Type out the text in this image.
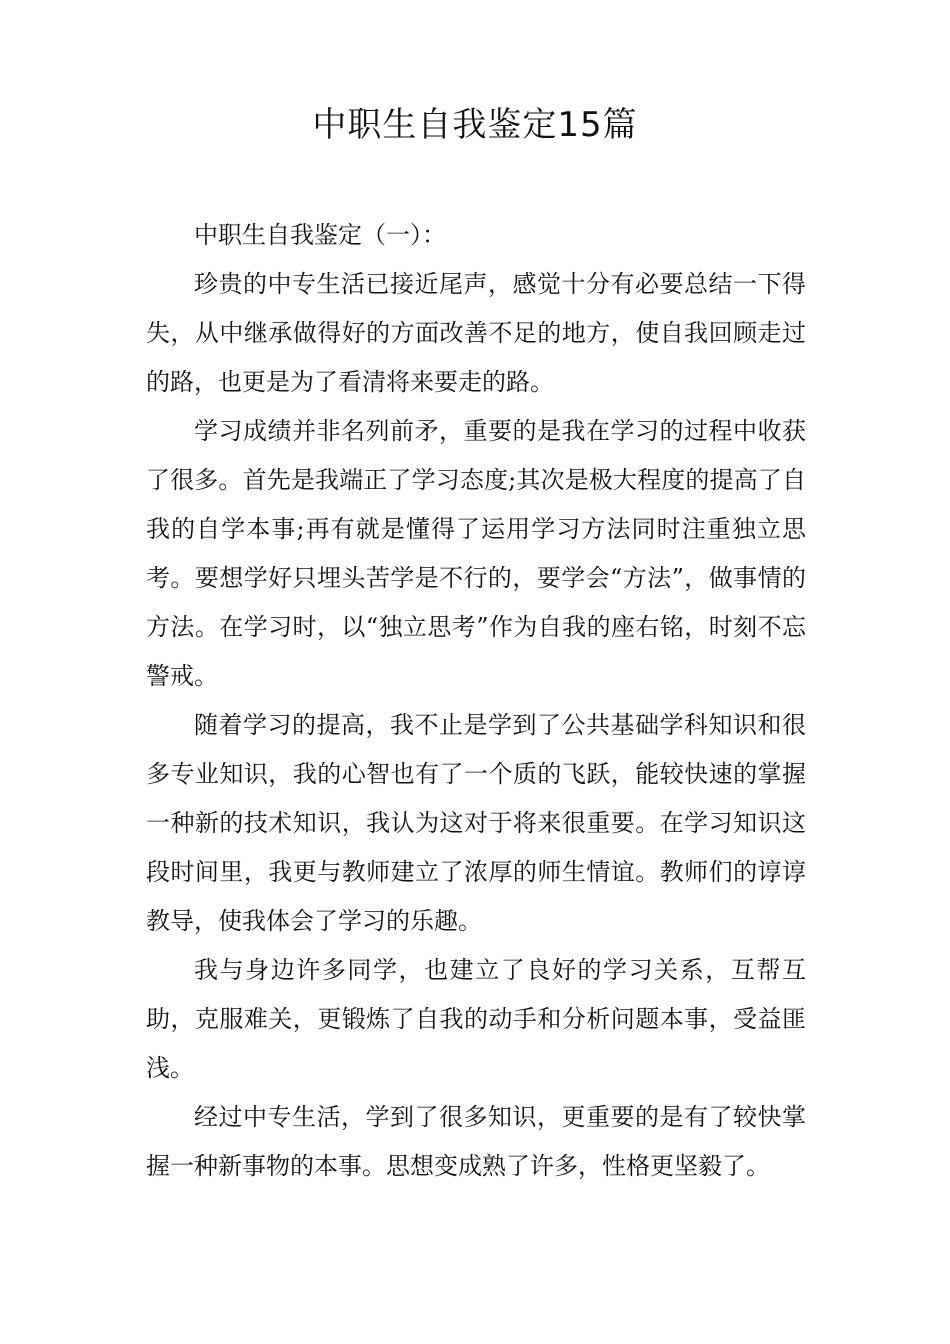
中职生自我鉴定15篇

中职生自我鉴定（一）：

珍贵的中专生活已接近尾声，感觉十分有必要总结一下得失，从中继承做得好的方面改善不足的地方，使自我回顾走过的路，也更是为了看清将来要走的路。

学习成绩并非名列前矛，重要的是我在学习的过程中收获了很多。首先是我端正了学习态度;其次是极大程度的提高了自我的自学本事;再有就是懂得了运用学习方法同时注重独立思考。要想学好只埋头苦学是不行的，要学会“方法”，做事情的方法。在学习时，以“独立思考”作为自我的座右铭，时刻不忘警戒。

随着学习的提高，我不止是学到了公共基础学科知识和很多专业知识，我的心智也有了一个质的飞跃，能较快速的掌握一种新的技术知识，我认为这对于将来很重要。在学习知识这段时间里，我更与教师建立了浓厚的师生情谊。教师们的谆谆教导，使我体会了学习的乐趣。

我与身边许多同学，也建立了良好的学习关系，互帮互助，克服难关，更锻炼了自我的动手和分析问题本事，受益匪浅。

经过中专生活，学到了很多知识，更重要的是有了较快掌握一种新事物的本事。思想变成熟了许多，性格更坚毅了。
